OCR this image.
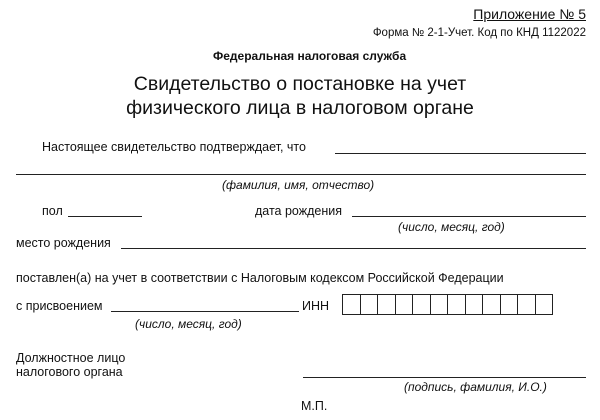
Приложение № 5
Форма № 2-1-Учет. Код по КНД 1122022
Федеральная налоговая служба
Свидетельство о постановке на учет
физического лица в налоговом органе
Настоящее свидетельство подтверждает, что
(фамилия, имя, отчество)
пол	дата рождения
(число, месяц, год)
место рождения
поставлен(а) на учет в соответствии с Налоговым кодексом Российской Федерации
с присвоением	ИНН
(число, месяц, год)
Должностное лицо
налогового органа
(подпись, фамилия, И.О.)
М.П.
